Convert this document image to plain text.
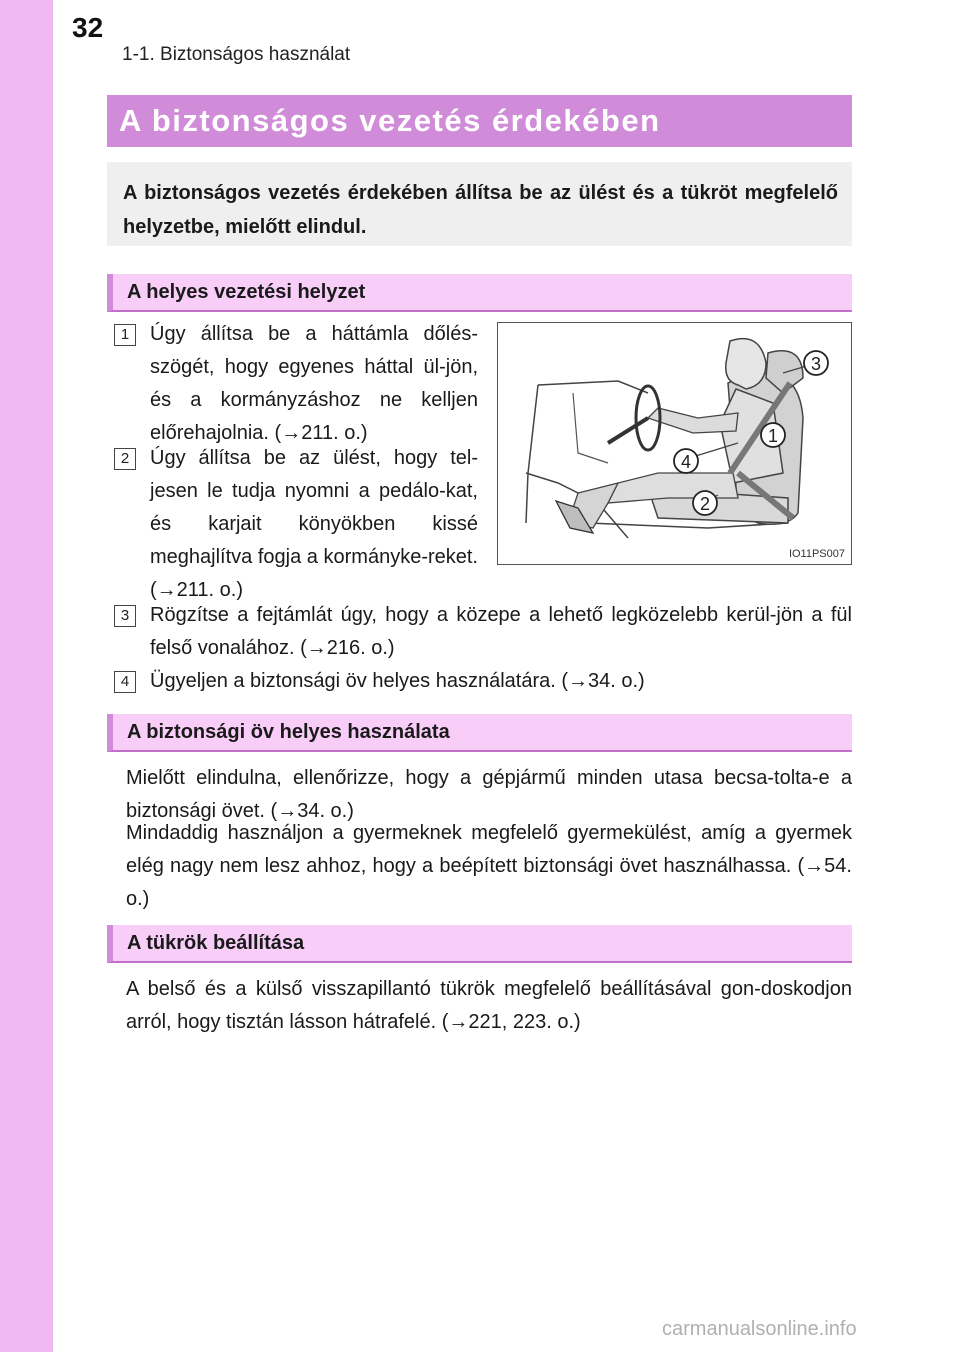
32
1-1. Biztonságos használat
A biztonságos vezetés érdekében
A biztonságos vezetés érdekében állítsa be az ülést és a tükröt megfelelő helyzetbe, mielőtt elindul.
A helyes vezetési helyzet
1	Úgy állítsa be a háttámla dőlés-szögét, hogy egyenes háttal ül-jön, és a kormányzáshoz ne kelljen előrehajolnia. (→211. o.)
2	Úgy állítsa be az ülést, hogy tel-jesen le tudja nyomni a pedálo-kat, és karjait könyökben kissé meghajlítva fogja a kormányke-reket. (→211. o.)
3	Rögzítse a fejtámlát úgy, hogy a közepe a lehető legközelebb kerül-jön a fül felső vonalához. (→216. o.)
4	Ügyeljen a biztonsági öv helyes használatára. (→34. o.)
3
1
4
2
IO11PS007
A biztonsági öv helyes használata
Mielőtt elindulna, ellenőrizze, hogy a gépjármű minden utasa becsa-tolta-e a biztonsági övet. (→34. o.)
Mindaddig használjon a gyermeknek megfelelő gyermekülést, amíg a gyermek elég nagy nem lesz ahhoz, hogy a beépített biztonsági övet használhassa. (→54. o.)
A tükrök beállítása
A belső és a külső visszapillantó tükrök megfelelő beállításával gon-doskodjon arról, hogy tisztán lásson hátrafelé. (→221, 223. o.)
carmanualsonline.info
